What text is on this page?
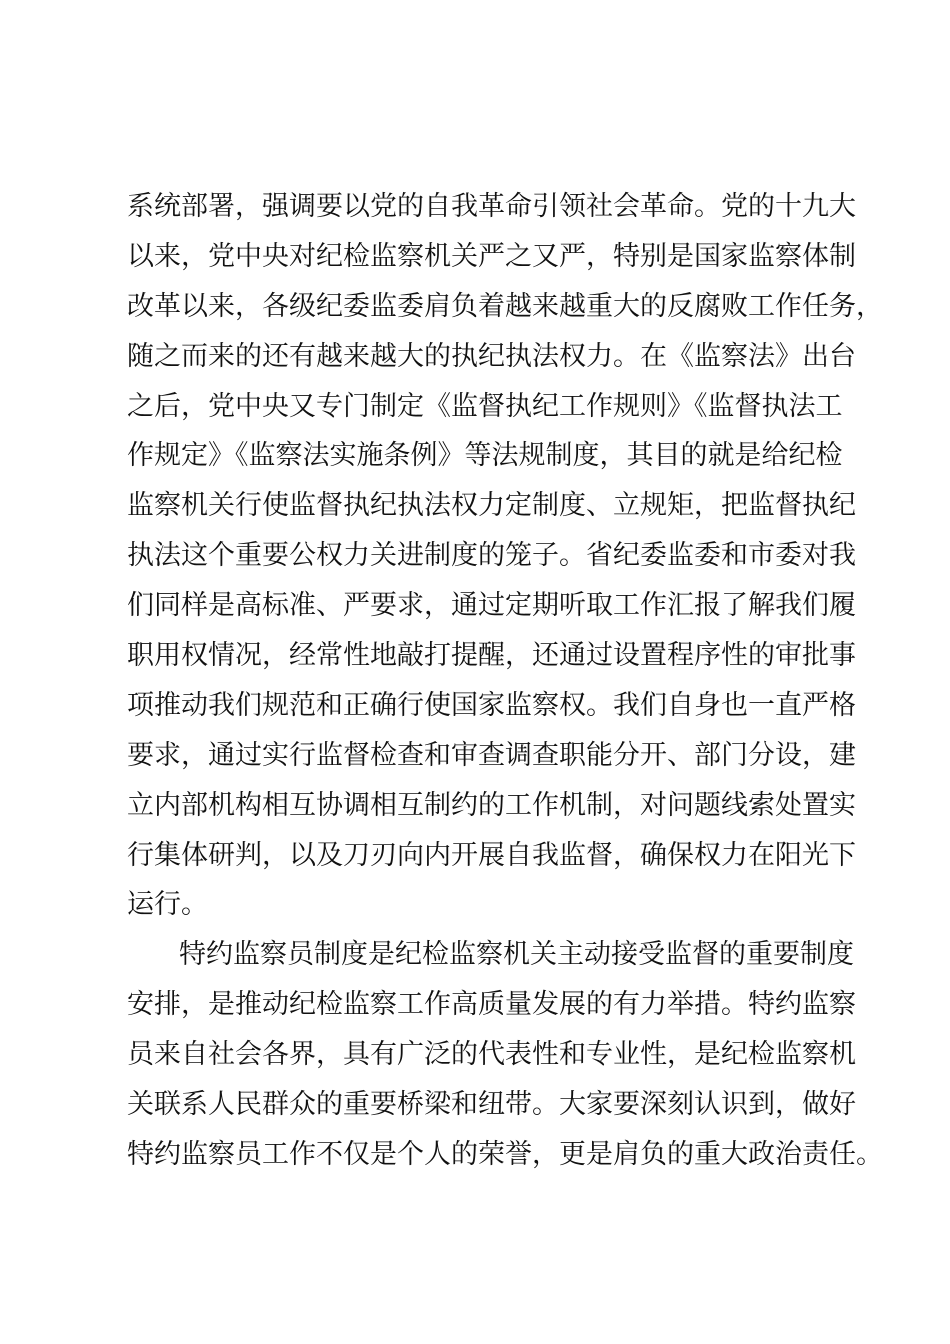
系统部署，强调要以党的自我革命引领社会革命。党的十九大
以来，党中央对纪检监察机关严之又严，特别是国家监察体制
改革以来，各级纪委监委肩负着越来越重大的反腐败工作任务，
随之而来的还有越来越大的执纪执法权力。在《监察法》出台
之后，党中央又专门制定《监督执纪工作规则》《监督执法工
作规定》《监察法实施条例》等法规制度，其目的就是给纪检
监察机关行使监督执纪执法权力定制度、立规矩，把监督执纪
执法这个重要公权力关进制度的笼子。省纪委监委和市委对我
们同样是高标准、严要求，通过定期听取工作汇报了解我们履
职用权情况，经常性地敲打提醒，还通过设置程序性的审批事
项推动我们规范和正确行使国家监察权。我们自身也一直严格
要求，通过实行监督检查和审查调查职能分开、部门分设，建
立内部机构相互协调相互制约的工作机制，对问题线索处置实
行集体研判，以及刀刃向内开展自我监督，确保权力在阳光下
运行。
特约监察员制度是纪检监察机关主动接受监督的重要制度
安排，是推动纪检监察工作高质量发展的有力举措。特约监察
员来自社会各界，具有广泛的代表性和专业性，是纪检监察机
关联系人民群众的重要桥梁和纽带。大家要深刻认识到，做好
特约监察员工作不仅是个人的荣誉，更是肩负的重大政治责任。
